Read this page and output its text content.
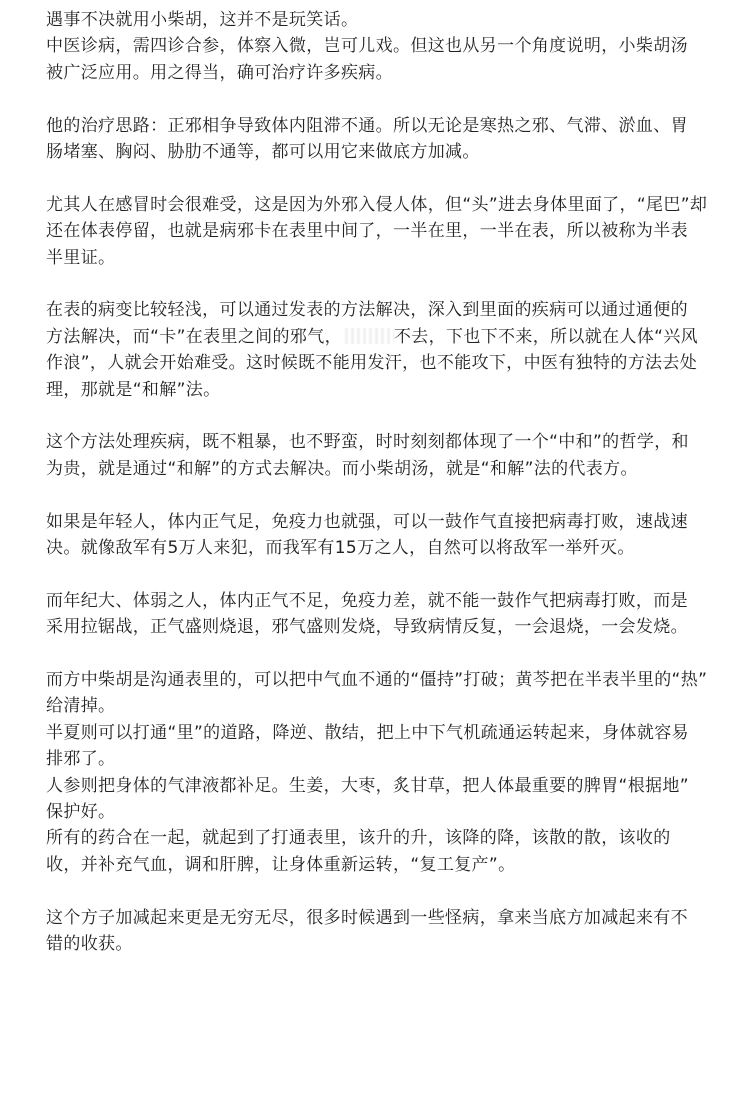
遇事不决就用小柴胡，这并不是玩笑话。
中医诊病，需四诊合参，体察入微，岂可儿戏。但这也从另一个角度说明，小柴胡汤
被广泛应用。用之得当，确可治疗许多疾病。
他的治疗思路：正邪相争导致体内阻滞不通。所以无论是寒热之邪、气滞、淤血、胃
肠堵塞、胸闷、胁肋不通等，都可以用它来做底方加减。
尤其人在感冒时会很难受，这是因为外邪入侵人体，但“头”进去身体里面了，“尾巴”却
还在体表停留，也就是病邪卡在表里中间了，一半在里，一半在表，所以被称为半表
半里证。
在表的病变比较轻浅，可以通过发表的方法解决，深入到里面的疾病可以通过通便的
方法解决，而“卡”在表里之间的邪气，	不去，下也下不来，所以就在人体“兴风
作浪”，人就会开始难受。这时候既不能用发汗，也不能攻下，中医有独特的方法去处
理，那就是“和解”法。
这个方法处理疾病，既不粗暴，也不野蛮，时时刻刻都体现了一个“中和”的哲学，和
为贵，就是通过“和解”的方式去解决。而小柴胡汤，就是“和解”法的代表方。
如果是年轻人，体内正气足，免疫力也就强，可以一鼓作气直接把病毒打败，速战速
决。就像敌军有5万人来犯，而我军有15万之人，自然可以将敌军一举歼灭。
而年纪大、体弱之人，体内正气不足，免疫力差，就不能一鼓作气把病毒打败，而是
采用拉锯战，正气盛则烧退，邪气盛则发烧，导致病情反复，一会退烧，一会发烧。
而方中柴胡是沟通表里的，可以把中气血不通的“僵持”打破；黄芩把在半表半里的“热”
给清掉。
半夏则可以打通“里”的道路，降逆、散结，把上中下气机疏通运转起来，身体就容易
排邪了。
人参则把身体的气津液都补足。生姜，大枣，炙甘草，把人体最重要的脾胃“根据地”
保护好。
所有的药合在一起，就起到了打通表里，该升的升，该降的降，该散的散，该收的
收，并补充气血，调和肝脾，让身体重新运转，“复工复产”。
这个方子加减起来更是无穷无尽，很多时候遇到一些怪病，拿来当底方加减起来有不
错的收获。
